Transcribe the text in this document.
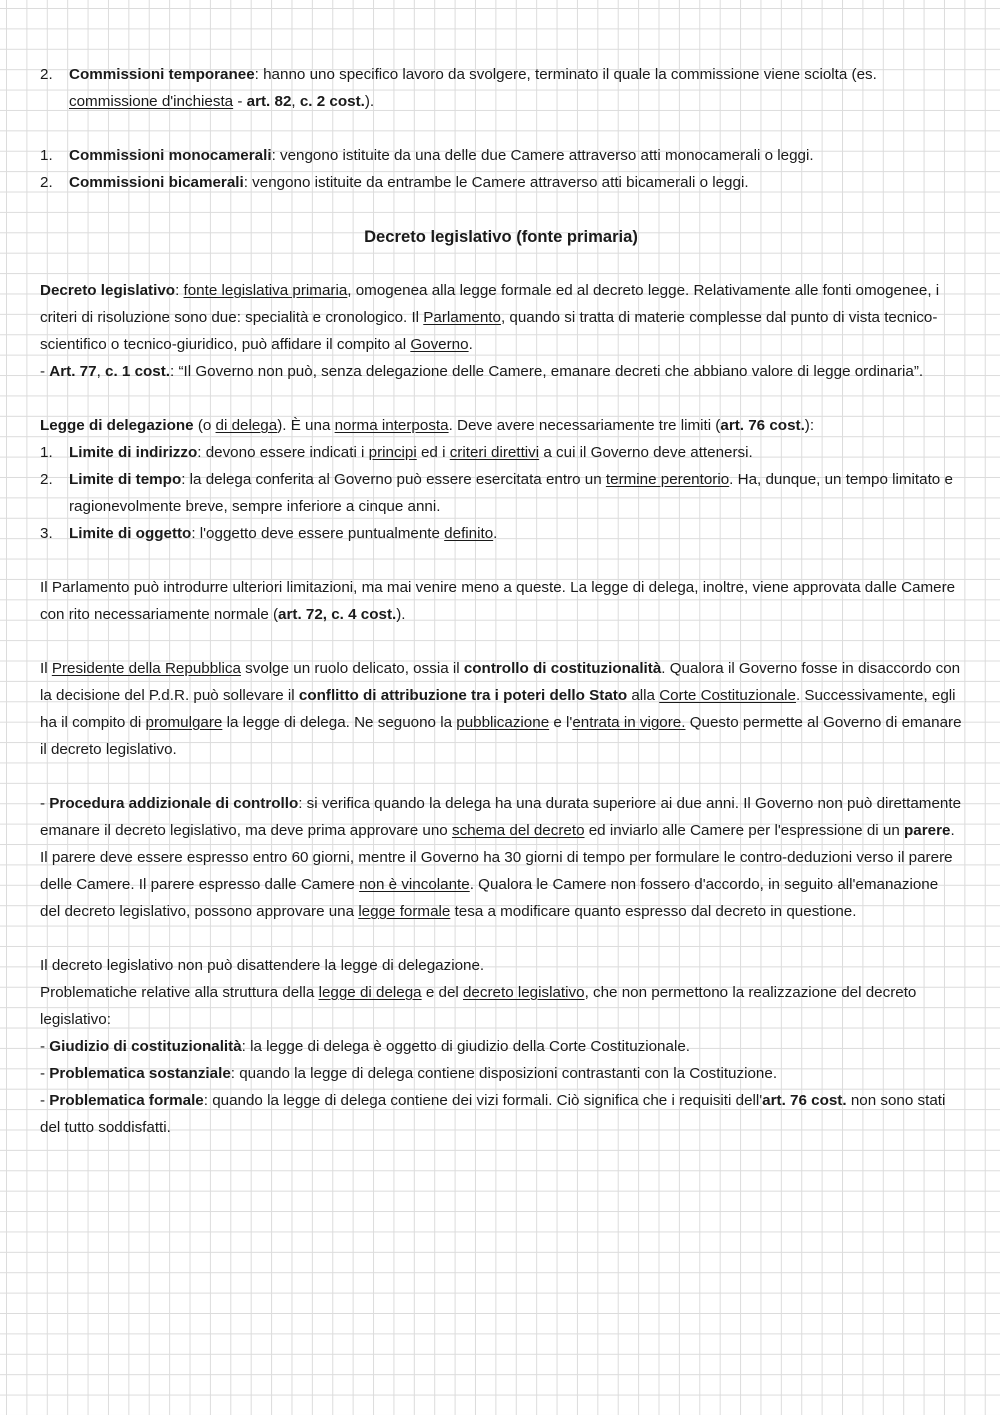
2. Commissioni temporanee: hanno uno specifico lavoro da svolgere, terminato il quale la commissione viene sciolta (es. commissione d'inchiesta - art. 82, c. 2 cost.).

1. Commissioni monocamerali: vengono istituite da una delle due Camere attraverso atti monocamerali o leggi.

2. Commissioni bicamerali: vengono istituite da entrambe le Camere attraverso atti bicamerali o leggi.

Decreto legislativo (fonte primaria)

Decreto legislativo: fonte legislativa primaria, omogenea alla legge formale ed al decreto legge. Relativamente alle fonti omogenee, i criteri di risoluzione sono due: specialità e cronologico. Il Parlamento, quando si tratta di materie complesse dal punto di vista tecnico-scientifico o tecnico-giuridico, può affidare il compito al Governo.

- Art. 77, c. 1 cost.: “Il Governo non può, senza delegazione delle Camere, emanare decreti che abbiano valore di legge ordinaria”.

Legge di delegazione (o di delega). È una norma interposta. Deve avere necessariamente tre limiti (art. 76 cost.):

1. Limite di indirizzo: devono essere indicati i principi ed i criteri direttivi a cui il Governo deve attenersi.

2. Limite di tempo: la delega conferita al Governo può essere esercitata entro un termine perentorio. Ha, dunque, un tempo limitato e ragionevolmente breve, sempre inferiore a cinque anni.

3. Limite di oggetto: l'oggetto deve essere puntualmente definito.

Il Parlamento può introdurre ulteriori limitazioni, ma mai venire meno a queste. La legge di delega, inoltre, viene approvata dalle Camere con rito necessariamente normale (art. 72, c. 4 cost.).

Il Presidente della Repubblica svolge un ruolo delicato, ossia il controllo di costituzionalità. Qualora il Governo fosse in disaccordo con la decisione del P.d.R. può sollevare il conflitto di attribuzione tra i poteri dello Stato alla Corte Costituzionale. Successivamente, egli ha il compito di promulgare la legge di delega. Ne seguono la pubblicazione e l'entrata in vigore. Questo permette al Governo di emanare il decreto legislativo.

- Procedura addizionale di controllo: si verifica quando la delega ha una durata superiore ai due anni. Il Governo non può direttamente emanare il decreto legislativo, ma deve prima approvare uno schema del decreto ed inviarlo alle Camere per l'espressione di un parere. Il parere deve essere espresso entro 60 giorni, mentre il Governo ha 30 giorni di tempo per formulare le contro-deduzioni verso il parere delle Camere. Il parere espresso dalle Camere non è vincolante. Qualora le Camere non fossero d'accordo, in seguito all'emanazione del decreto legislativo, possono approvare una legge formale tesa a modificare quanto espresso dal decreto in questione.

Il decreto legislativo non può disattendere la legge di delegazione.

Problematiche relative alla struttura della legge di delega e del decreto legislativo, che non permettono la realizzazione del decreto legislativo:

- Giudizio di costituzionalità: la legge di delega è oggetto di giudizio della Corte Costituzionale.

- Problematica sostanziale: quando la legge di delega contiene disposizioni contrastanti con la Costituzione.

- Problematica formale: quando la legge di delega contiene dei vizi formali. Ciò significa che i requisiti dell'art. 76 cost. non sono stati del tutto soddisfatti.
